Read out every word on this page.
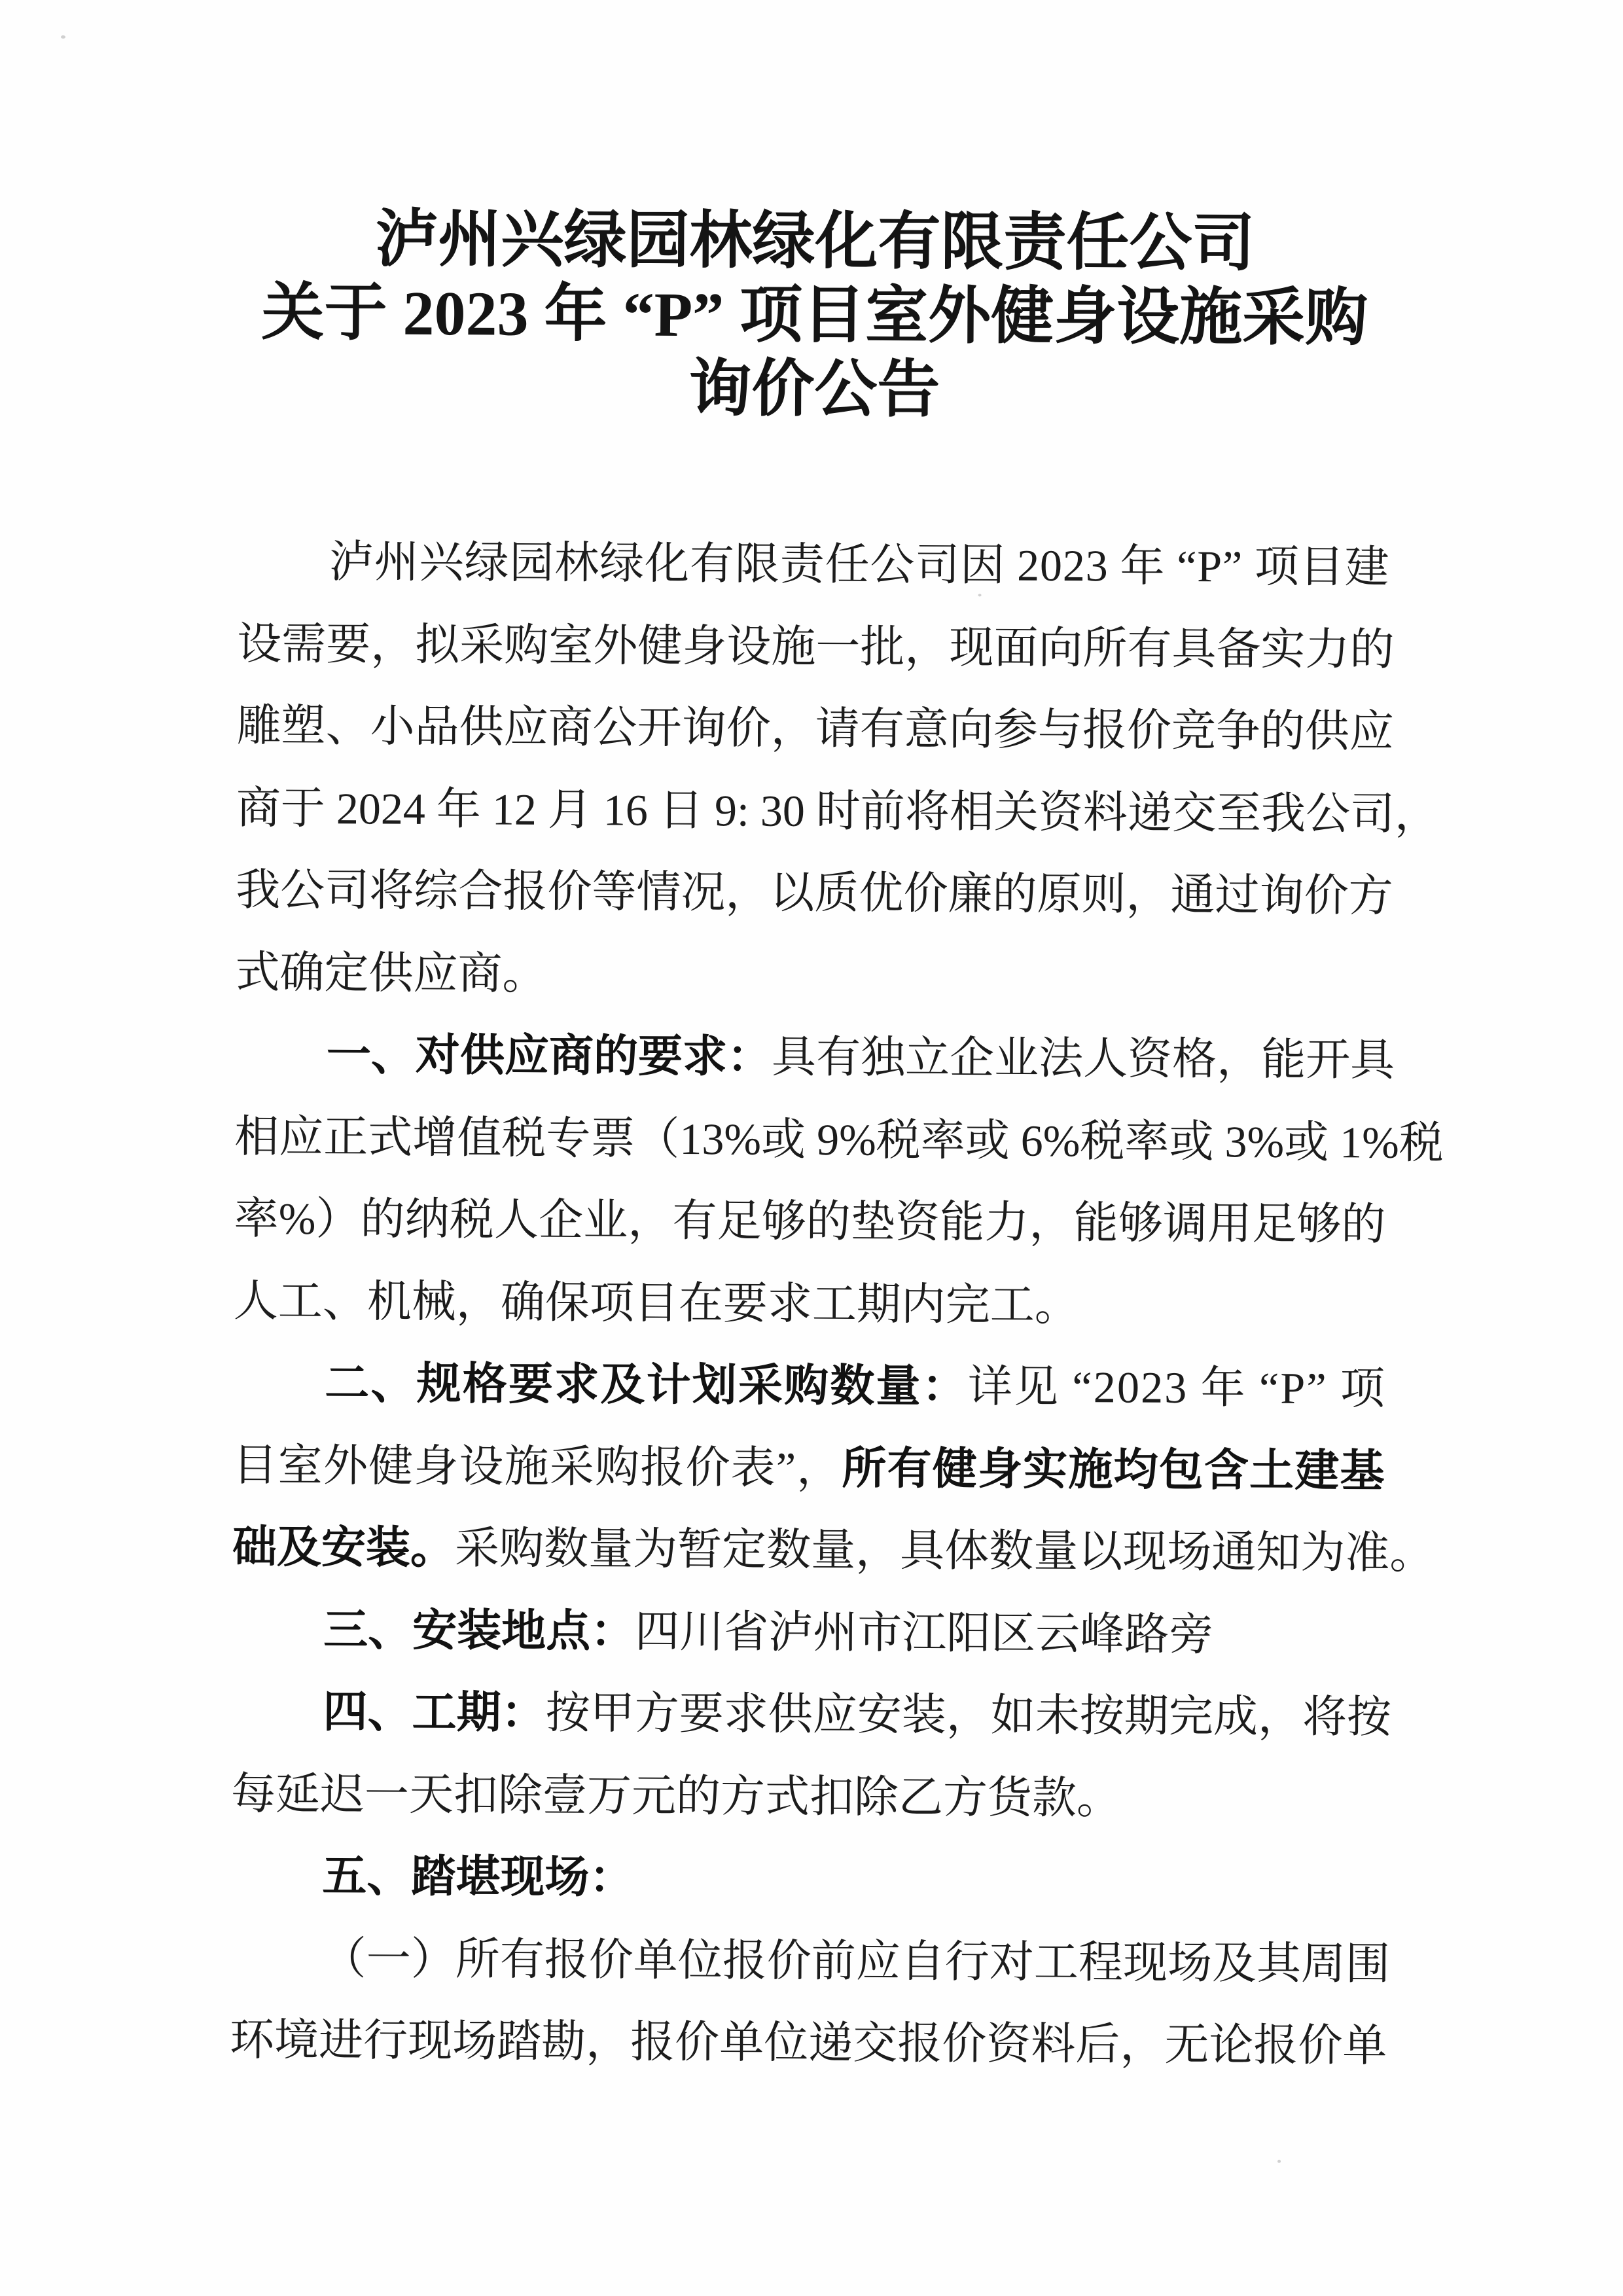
泸州兴绿园林绿化有限责任公司
关于 2023 年 “P” 项目室外健身设施采购
询价公告
泸 州 兴 绿 园 林 绿 化 有 限 责 任 公 司 因
2 0 2 3
年
“ P ”
项 目 建
设 需 要 ， 拟 采 购 室 外 健 身 设 施 一 批 ， 现 面 向 所 有 具 备 实 力 的
雕 塑 、 小 品 供 应 商 公 开 询 价 ， 请 有 意 向 参 与 报 价 竞 争 的 供 应
商 于
2 0 2 4
年
1 2
月
1 6
日
9 :
3 0
时 前 将 相 关 资 料 递 交 至 我 公 司 ，
我 公 司 将 综 合 报 价 等 情 况 ， 以 质 优 价 廉 的 原 则 ， 通 过 询 价 方
式确定供应商。
一 、 对 供 应 商 的 要 求 ： 具 有 独 立 企 业 法 人 资 格 ， 能 开 具
相 应 正 式 增 值 税 专 票 （ 1 3 % 或
9 % 税 率 或
6 % 税 率 或
3 % 或
1 % 税
率 % ） 的 纳 税 人 企 业 ， 有 足 够 的 垫 资 能 力 ， 能 够 调 用 足 够 的
人工、机械，确保项目在要求工期内完工。
二 、 规 格 要 求 及 计 划 采 购 数 量 ： 详 见
“ 2 0 2 3
年
“ P ”
项
目 室 外 健 身 设 施 采 购 报 价 表 ” ， 所 有 健 身 实 施 均 包 含 土 建 基
础 及 安 装 。 采 购 数 量 为 暂 定 数 量 ， 具 体 数 量 以 现 场 通 知 为 准 。
三、安装地点：四川省泸州市江阳区云峰路旁
四 、 工 期 ： 按 甲 方 要 求 供 应 安 装 ， 如 未 按 期 完 成 ， 将 按
每延迟一天扣除壹万元的方式扣除乙方货款。
五、踏堪现场：
（ 一 ） 所 有 报 价 单 位 报 价 前 应 自 行 对 工 程 现 场 及 其 周 围
环 境 进 行 现 场 踏 勘 ， 报 价 单 位 递 交 报 价 资 料 后 ， 无 论 报 价 单
